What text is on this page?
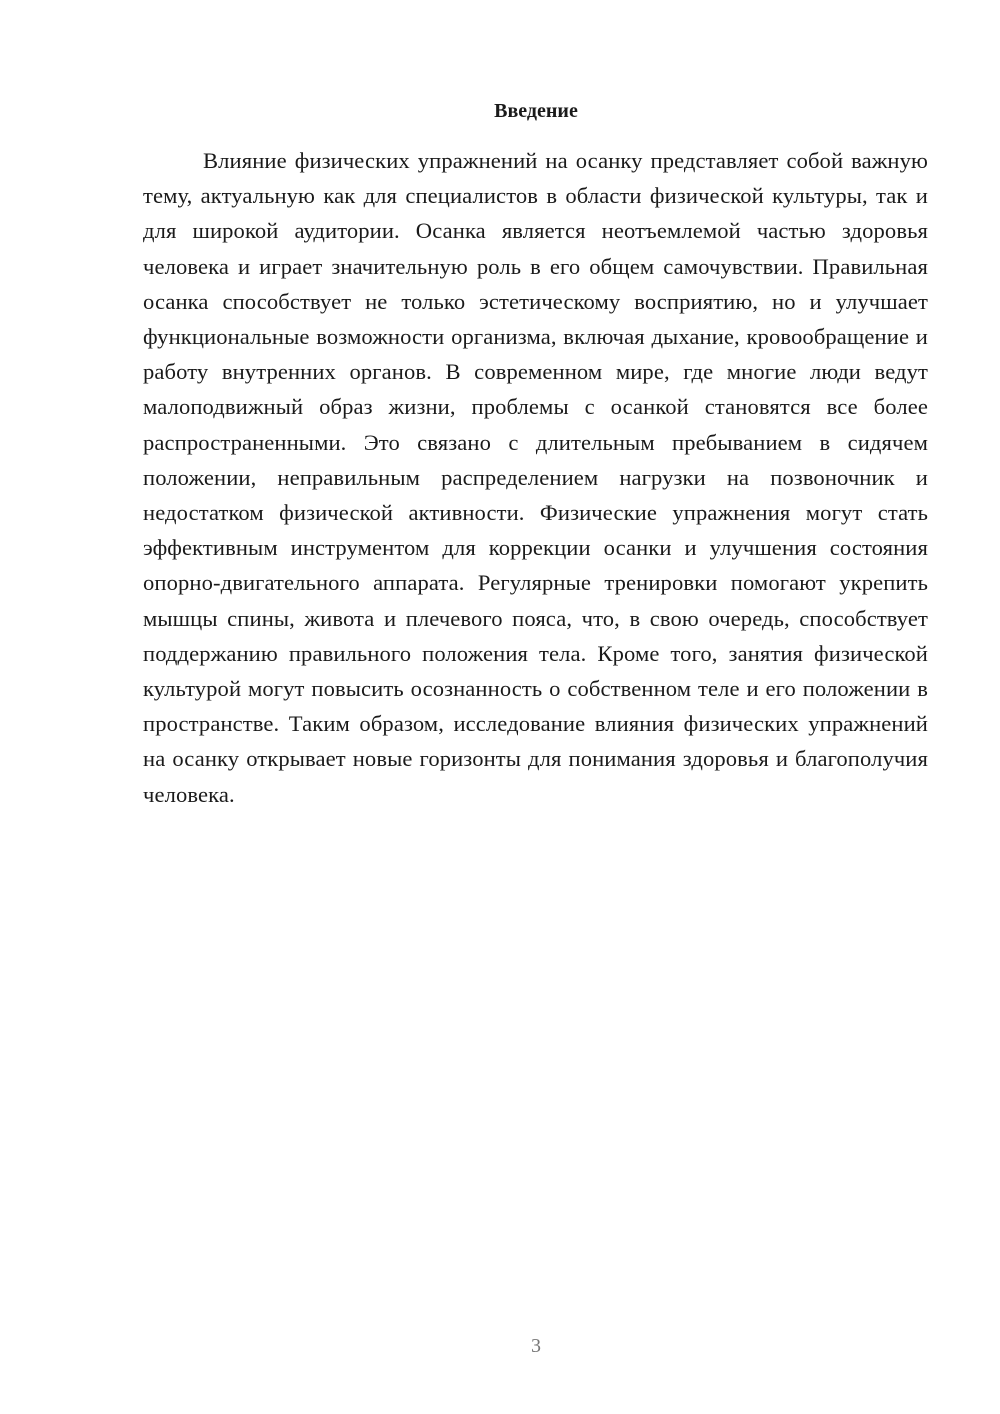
Введение

Влияние физических упражнений на осанку представляет собой важную тему, актуальную как для специалистов в области физической культуры, так и для широкой аудитории. Осанка является неотъемлемой частью здоровья человека и играет значительную роль в его общем самочувствии. Правильная осанка способствует не только эстетическому восприятию, но и улучшает функциональные возможности организма, включая дыхание, кровообращение и работу внутренних органов. В современном мире, где многие люди ведут малоподвижный образ жизни, проблемы с осанкой становятся все более распространенными. Это связано с длительным пребыванием в сидячем положении, неправильным распределением нагрузки на позвоночник и недостатком физической активности. Физические упражнения могут стать эффективным инструментом для коррекции осанки и улучшения состояния опорно-двигательного аппарата. Регулярные тренировки помогают укрепить мышцы спины, живота и плечевого пояса, что, в свою очередь, способствует поддержанию правильного положения тела. Кроме того, занятия физической культурой могут повысить осознанность о собственном теле и его положении в пространстве. Таким образом, исследование влияния физических упражнений на осанку открывает новые горизонты для понимания здоровья и благополучия человека.

3
